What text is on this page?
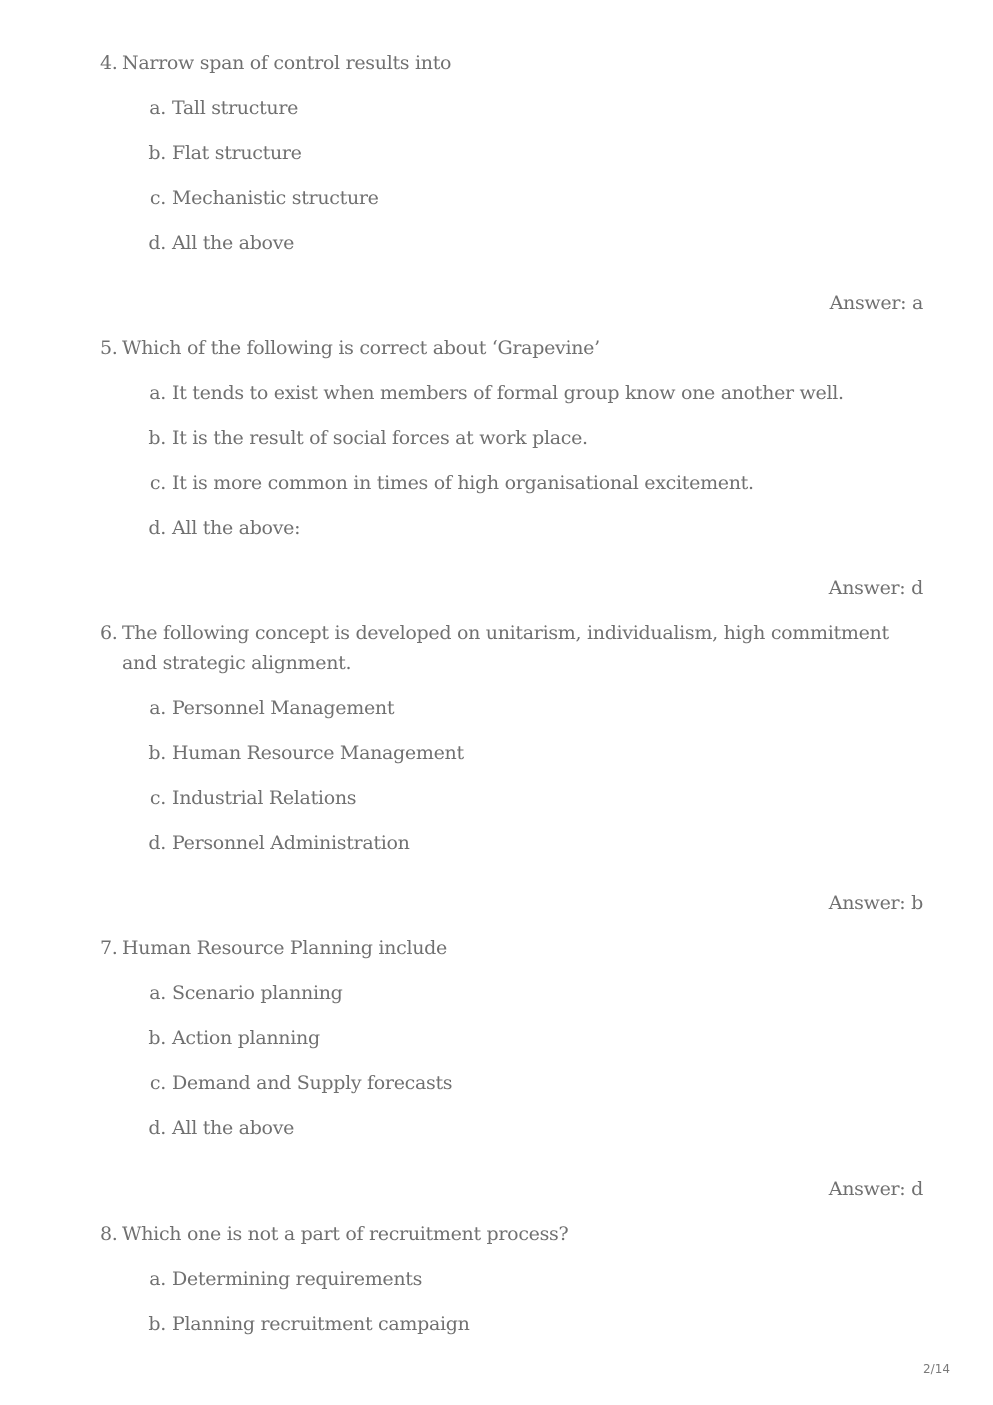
4. Narrow span of control results into
a. Tall structure
b. Flat structure
c. Mechanistic structure
d. All the above
Answer: a
5. Which of the following is correct about ‘Grapevine’
a. It tends to exist when members of formal group know one another well.
b. It is the result of social forces at work place.
c. It is more common in times of high organisational excitement.
d. All the above:
Answer: d
6. The following concept is developed on unitarism, individualism, high commitment and strategic alignment.
a. Personnel Management
b. Human Resource Management
c. Industrial Relations
d. Personnel Administration
Answer: b
7. Human Resource Planning include
a. Scenario planning
b. Action planning
c. Demand and Supply forecasts
d. All the above
Answer: d
8. Which one is not a part of recruitment process?
a. Determining requirements
b. Planning recruitment campaign
2/14
